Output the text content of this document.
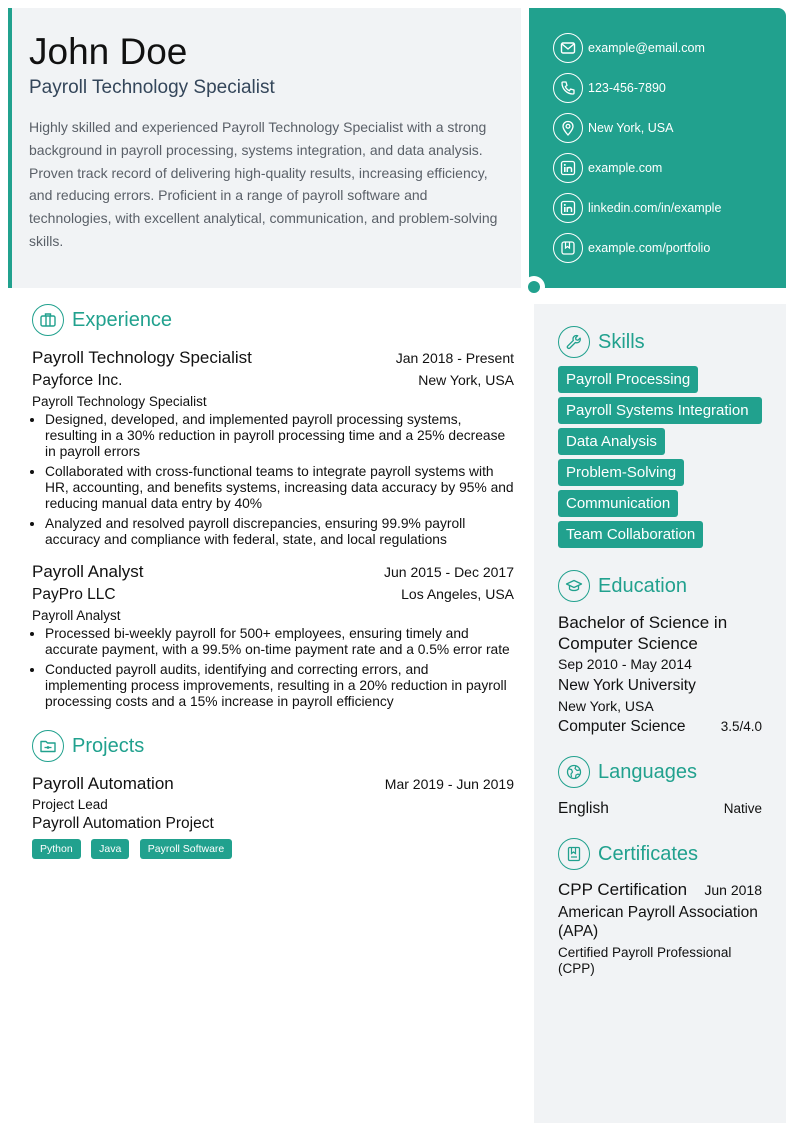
John Doe
Payroll Technology Specialist
Highly skilled and experienced Payroll Technology Specialist with a strong background in payroll processing, systems integration, and data analysis. Proven track record of delivering high-quality results, increasing efficiency, and reducing errors. Proficient in a range of payroll software and technologies, with excellent analytical, communication, and problem-solving skills.
example@email.com
123-456-7890
New York, USA
example.com
linkedin.com/in/example
example.com/portfolio
Experience
Payroll Technology Specialist	Jan 2018 - Present
Payforce Inc.	New York, USA
Payroll Technology Specialist
• Designed, developed, and implemented payroll processing systems, resulting in a 30% reduction in payroll processing time and a 25% decrease in payroll errors
• Collaborated with cross-functional teams to integrate payroll systems with HR, accounting, and benefits systems, increasing data accuracy by 95% and reducing manual data entry by 40%
• Analyzed and resolved payroll discrepancies, ensuring 99.9% payroll accuracy and compliance with federal, state, and local regulations
Payroll Analyst	Jun 2015 - Dec 2017
PayPro LLC	Los Angeles, USA
Payroll Analyst
• Processed bi-weekly payroll for 500+ employees, ensuring timely and accurate payment, with a 99.5% on-time payment rate and a 0.5% error rate
• Conducted payroll audits, identifying and correcting errors, and implementing process improvements, resulting in a 20% reduction in payroll processing costs and a 15% increase in payroll efficiency
Projects
Payroll Automation	Mar 2019 - Jun 2019
Project Lead
Payroll Automation Project
Python	Java	Payroll Software
Skills
Payroll Processing
Payroll Systems Integration
Data Analysis
Problem-Solving
Communication
Team Collaboration
Education
Bachelor of Science in Computer Science
Sep 2010 - May 2014
New York University
New York, USA
Computer Science	3.5/4.0
Languages
English	Native
Certificates
CPP Certification Jun 2018
American Payroll Association (APA)
Certified Payroll Professional (CPP)
